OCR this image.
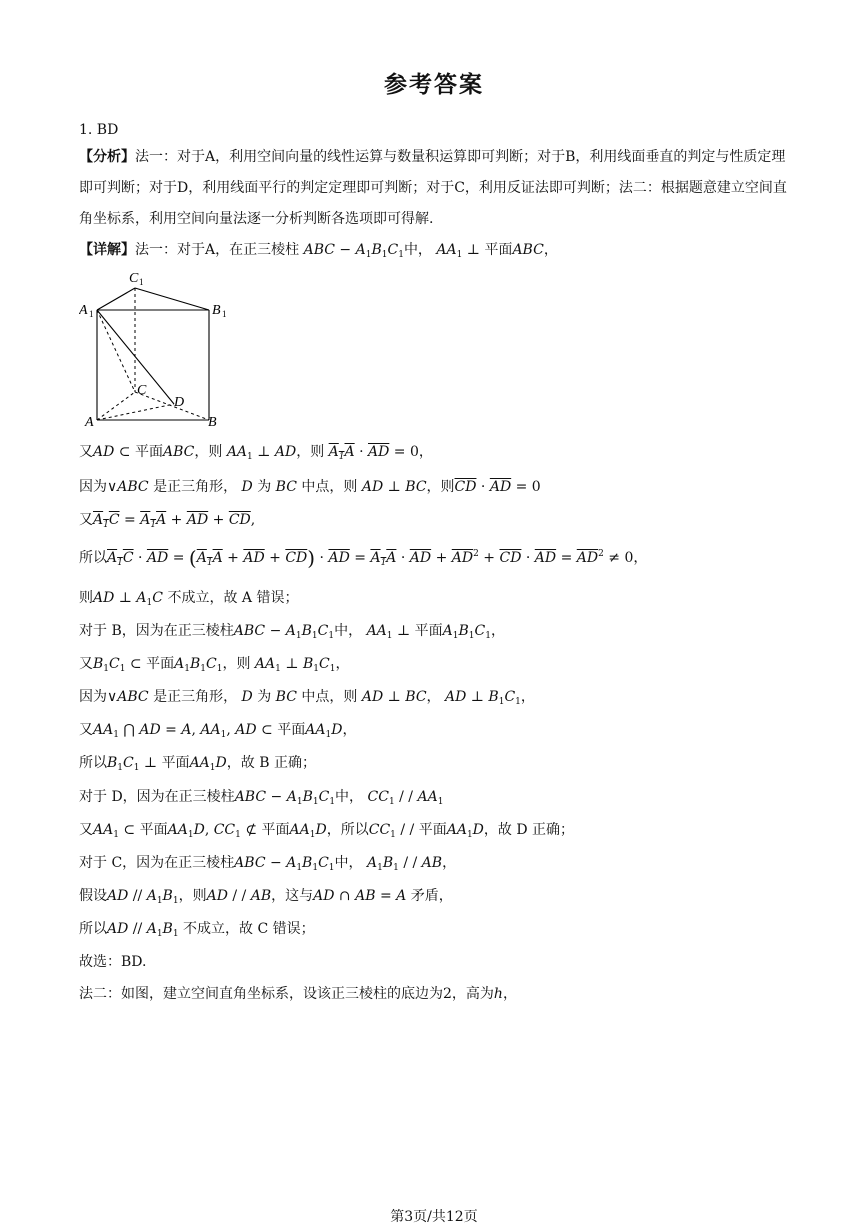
参考答案
1. BD
【分析】法一：对于A，利用空间向量的线性运算与数量积运算即可判断；对于B，利用线面垂直的判定与性质定理即可判断；对于D，利用线面平行的判定定理即可判断；对于C，利用反证法即可判断；法二：根据题意建立空间直角坐标系，利用空间向量法逐一分析判断各选项即可得解.
【详解】法一：对于A，在正三棱柱 ABC − $A_1B_1C_1$中， $AA_1$ ⊥ 平面ABC，
C 1
A 1	B 1
C
D
A	B
又AD ⊂ 平面ABC，则 $AA_1$ ⊥ AD，则 $A_1A \cdot \overline{AD} = 0$，
因为∨ABC 是正三角形， D 为 BC 中点，则 AD ⊥ BC，则$\overline{CD} \cdot \overline{AD} = 0$
又$A_1C = A_1A + \overline{AD} + \overline{CD}$,
所以$A_1C \cdot \overline{AD} = (A_1A + \overline{AD} + \overline{CD}) \cdot \overline{AD} = A_1A \cdot \overline{AD} + \overline{AD}^2 + \overline{CD} \cdot \overline{AD} = \overline{AD}^2 \ne 0$，
则AD ⊥ $A_1C$ 不成立，故 A 错误；
对于 B，因为在正三棱柱ABC − $A_1B_1C_1$中， $AA_1$ ⊥ 平面$A_1B_1C_1$，
又$B_1C_1$ ⊂ 平面$A_1B_1C_1$，则 $AA_1$ ⊥ $B_1C_1$，
因为∨ABC 是正三角形， D 为 BC 中点，则 AD ⊥ BC， AD ⊥ $B_1C_1$，
又$AA_1$ ⋂ AD = A, $AA_1$, AD ⊂ 平面$AA_1D$，
所以$B_1C_1$ ⊥ 平面$AA_1D$，故 B 正确；
对于 D，因为在正三棱柱ABC − $A_1B_1C_1$中， $CC_1$ / / $AA_1$
又$AA_1$ ⊂ 平面$AA_1D$, $CC_1$ ⊄ 平面$AA_1D$，所以$CC_1$ / / 平面$AA_1D$，故 D 正确；
对于 C，因为在正三棱柱ABC − $A_1B_1C_1$中， $A_1B_1$ / / AB，
假设AD // $A_1B_1$，则AD / / AB，这与AD ∩ AB = A 矛盾，
所以AD // $A_1B_1$ 不成立，故 C 错误；
故选：BD.
法二：如图，建立空间直角坐标系，设该正三棱柱的底边为2，高为h，
第3页/共12页
